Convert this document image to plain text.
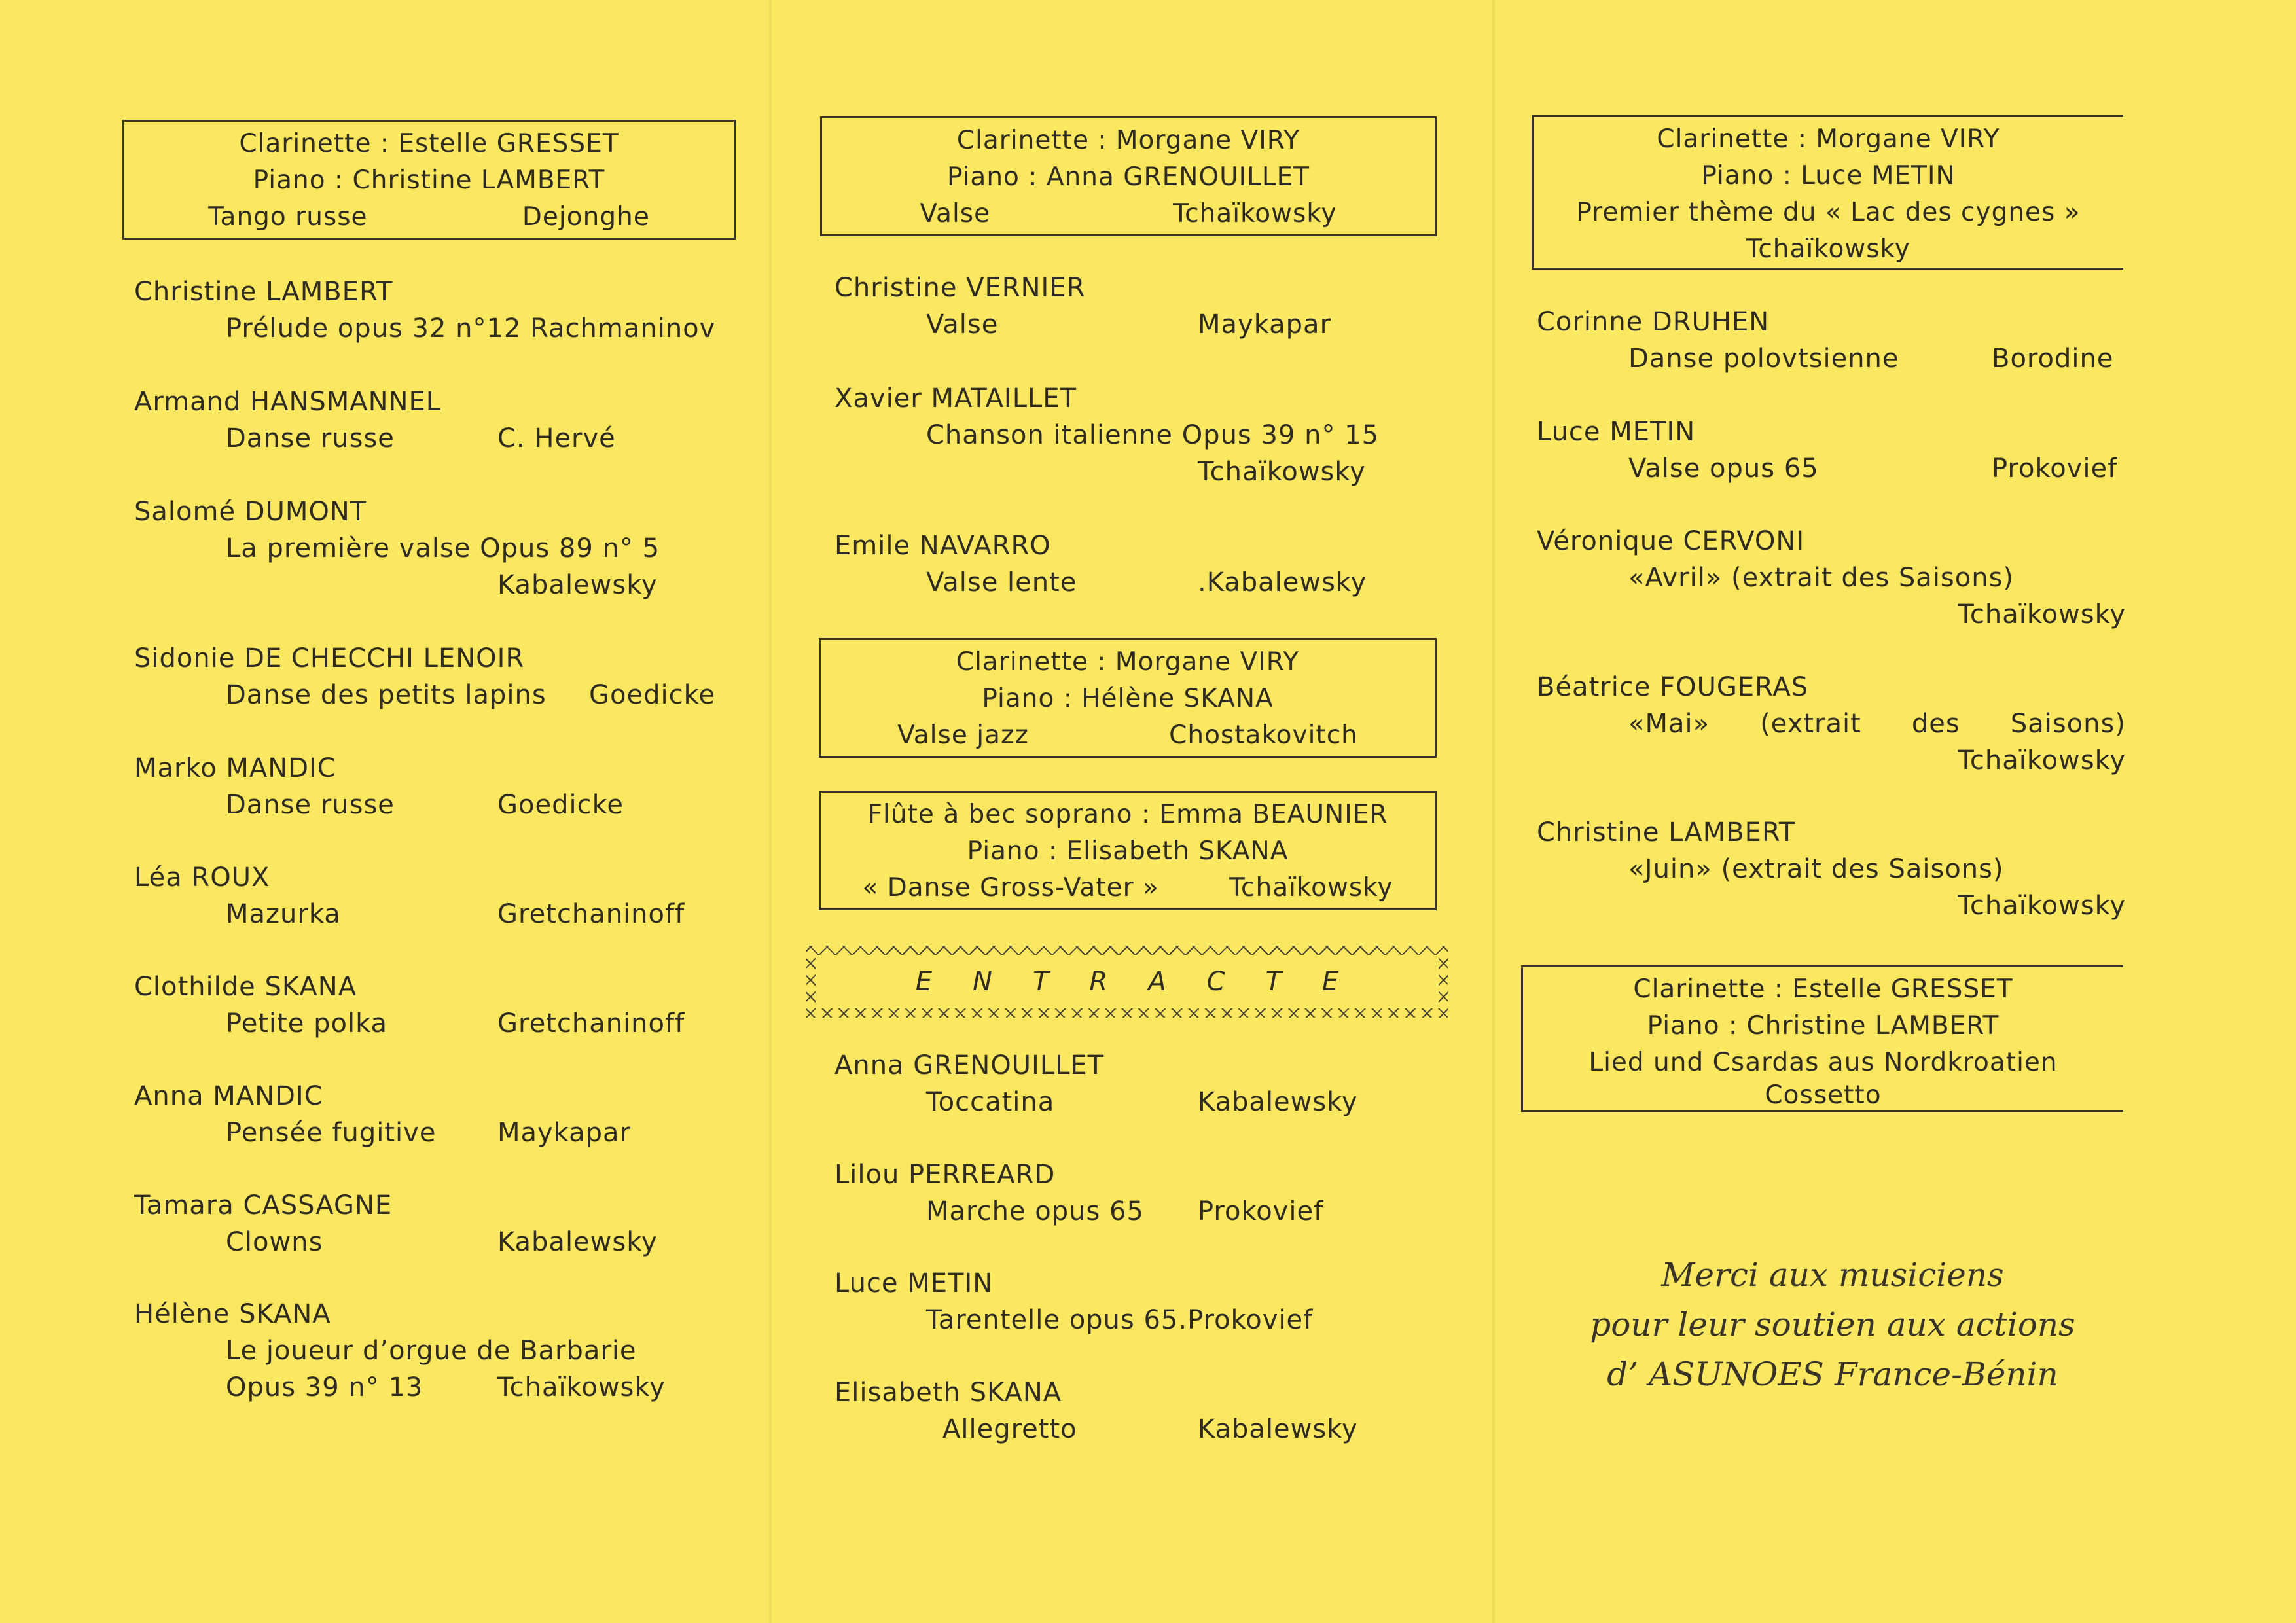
Clarinette : Estelle GRESSET
Piano : Christine LAMBERT
Tango russe	Dejonghe
Christine LAMBERT
Prélude opus 32 n°12 Rachmaninov
Armand HANSMANNEL
Danse russe	C. Hervé
Salomé DUMONT
La première valse Opus 89 n° 5
Kabalewsky

Sidonie DE CHECCHI LENOIR
Danse des petits lapins Goedicke
Marko MANDIC
Danse russe	Goedicke
Léa ROUX
Mazurka	Gretchaninoff
Clothilde SKANA
Petite polka	Gretchaninoff
Anna MANDIC
Pensée fugitive Maykapar
Tamara CASSAGNE
Clowns	Kabalewsky
Hélène SKANA
Le joueur d’orgue de Barbarie
Opus 39 n° 13	Tchaïkowsky
Clarinette : Morgane VIRY
Piano : Anna GRENOUILLET
Valse	Tchaïkowsky
Christine VERNIER
Valse	Maykapar
Xavier MATAILLET
Chanson italienne Opus 39 n° 15
Tchaïkowsky

Emile NAVARRO
Valse lente	.Kabalewsky
Clarinette : Morgane VIRY
Piano : Hélène SKANA
Valse jazz	Chostakovitch
Flûte à bec soprano : Emma BEAUNIER
Piano : Elisabeth SKANA
« Danse Gross-Vater »	Tchaïkowsky
ENTRACTE
Anna GRENOUILLET
Toccatina	Kabalewsky
Lilou PERREARD
Marche opus 65 Prokovief
Luce METIN
Tarentelle opus 65.Prokovief
Elisabeth SKANA
Allegretto	Kabalewsky
Clarinette : Morgane VIRY
Piano : Luce METIN
Premier thème du « Lac des cygnes »
Tchaïkowsky
Corinne DRUHEN
Danse polovtsienne	Borodine
Luce METIN
Valse opus 65	Prokovief
Véronique CERVONI
«Avril» (extrait des Saisons)
Tchaïkowsky
Béatrice FOUGERAS
«Mai» (extrait des Saisons)
Tchaïkowsky
Christine LAMBERT
«Juin» (extrait des Saisons)
Tchaïkowsky
Clarinette : Estelle GRESSET
Piano : Christine LAMBERT
Lied und Csardas aus Nordkroatien
Cossetto
Merci aux musiciens
pour leur soutien aux actions
d’ ASUNOES France-Bénin
